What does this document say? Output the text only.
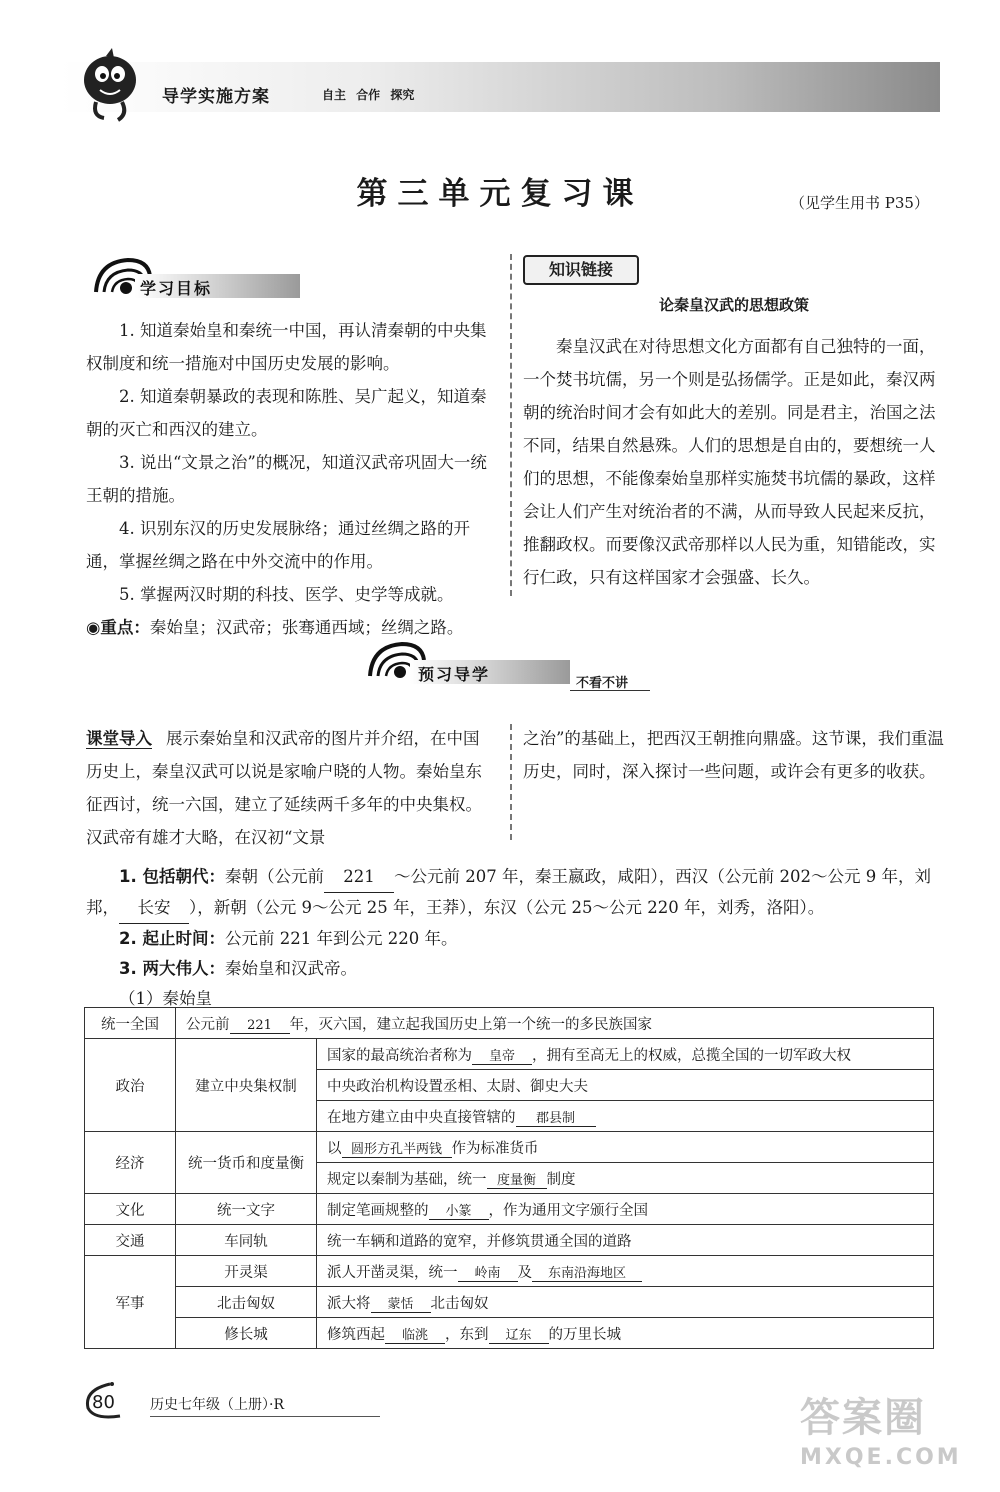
导学实施方案	自主 合作 探究
第三单元复习课	（见学生用书 P35）
学习目标

1. 知道秦始皇和秦统一中国，再认清秦朝的中央集权制度和统一措施对中国历史发展的影响。

2. 知道秦朝暴政的表现和陈胜、吴广起义，知道秦朝的灭亡和西汉的建立。

3. 说出“文景之治”的概况，知道汉武帝巩固大一统王朝的措施。

4. 识别东汉的历史发展脉络；通过丝绸之路的开通，掌握丝绸之路在中外交流中的作用。

5. 掌握两汉时期的科技、医学、史学等成就。

◉重点：秦始皇；汉武帝；张骞通西域；丝绸之路。

知识链接
论秦皇汉武的思想政策

秦皇汉武在对待思想文化方面都有自己独特的一面，一个焚书坑儒，另一个则是弘扬儒学。正是如此，秦汉两朝的统治时间才会有如此大的差别。同是君主，治国之法不同，结果自然悬殊。人们的思想是自由的，要想统一人们的思想，不能像秦始皇那样实施焚书坑儒的暴政，这样会让人们产生对统治者的不满，从而导致人民起来反抗，推翻政权。而要像汉武帝那样以人民为重，知错能改，实行仁政，只有这样国家才会强盛、长久。

预习导学	不看不讲

课堂导入 展示秦始皇和汉武帝的图片并介绍，在中国历史上，秦皇汉武可以说是家喻户晓的人物。秦始皇东征西讨，统一六国，建立了延续两千多年的中央集权。汉武帝有雄才大略，在汉初“文景

之治”的基础上，把西汉王朝推向鼎盛。这节课，我们重温历史，同时，深入探讨一些问题，或许会有更多的收获。

1. 包括朝代：秦朝（公元前 221 ～公元前 207 年，秦王嬴政，咸阳），西汉（公元前 202～公元 9 年，刘邦， 长安 ），新朝（公元 9～公元 25 年，王莽），东汉（公元 25～公元 220 年，刘秀，洛阳）。

2. 起止时间：公元前 221 年到公元 220 年。

3. 两大伟人：秦始皇和汉武帝。

（1）秦始皇

统一全国	公元前 221 年，灭六国，建立起我国历史上第一个统一的多民族国家	
政治	建立中央集权制	国家的最高统治者称为 皇帝 ，拥有至高无上的权威，总揽全国的一切军政大权
		中央政治机构设置丞相、太尉、御史大夫
		在地方建立由中央直接管辖的 郡县制
经济	统一货币和度量衡	以 圆形方孔半两钱 作为标准货币
		规定以秦制为基础，统一 度量衡 制度
文化	统一文字	制定笔画规整的 小篆 ，作为通用文字颁行全国
交通	车同轨	统一车辆和道路的宽窄，并修筑贯通全国的道路
军事	开灵渠	派人开凿灵渠，统一 岭南 及 东南沿海地区
	北击匈奴	派大将 蒙恬 北击匈奴
	修长城	修筑西起 临洮 ，东到 辽东 的万里长城
80	历史七年级（上册）·R	答案圈
MXQE.COM
